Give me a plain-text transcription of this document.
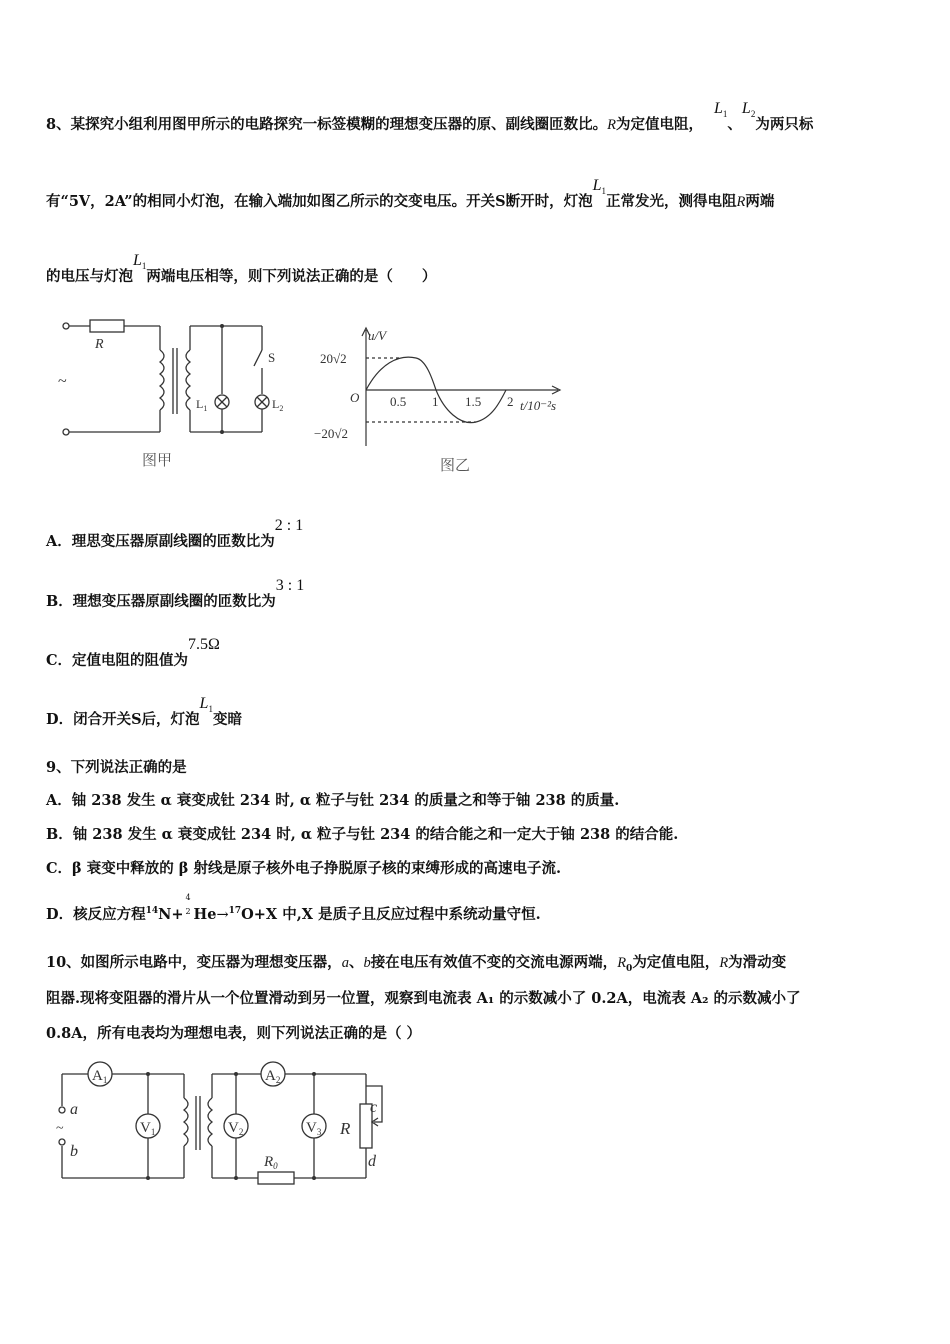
8、某探究小组利用图甲所示的电路探究一标签模糊的理想变压器的原、副线圈匝数比。R为定值电阻， $L_1$、$L_2$为两只标
有“5V，2A”的相同小灯泡，在输入端加如图乙所示的交变电压。开关S断开时，灯泡$L_1$正常发光，测得电阻R两端
的电压与灯泡$L_1$两端电压相等，则下列说法正确的是（　　）
R
~
$L_1$	$L_2$
S
图甲
u/V
20√2
−20√2
O 0.5 1 1.5 2 t/10⁻²s
图乙
A．理思变压器原副线圈的匝数比为2 : 1
B．理想变压器原副线圈的匝数比为3 : 1
C．定值电阻的阻值为7.5Ω
D．闭合开关S后，灯泡$L_1$变暗
9、下列说法正确的是
A．铀 238 发生 α 衰变成钍 234 时, α 粒子与钍 234 的质量之和等于铀 238 的质量.
B．铀 238 发生 α 衰变成钍 234 时, α 粒子与钍 234 的结合能之和一定大于铀 238 的结合能.
C．β 衰变中释放的 β 射线是原子核外电子挣脱原子核的束缚形成的高速电子流.
D．核反应方程$^{14}$N+
4
2 He→$^{17}$O+X 中,X 是质子且反应过程中系统动量守恒.
10、如图所示电路中，变压器为理想变压器，a、b接在电压有效值不变的交流电源两端，$R_0$为定值电阻，R为滑动变
阻器.现将变阻器的滑片从一个位置滑动到另一位置，观察到电流表 A₁ 的示数减小了 0.2A，电流表 A₂ 的示数减小了
0.8A，所有电表均为理想电表，则下列说法正确的是（ ）
$A_1$	$A_2$
$V_1$	$V_2$	$V_3$
a
b
~	R
c
d
$R_0$
